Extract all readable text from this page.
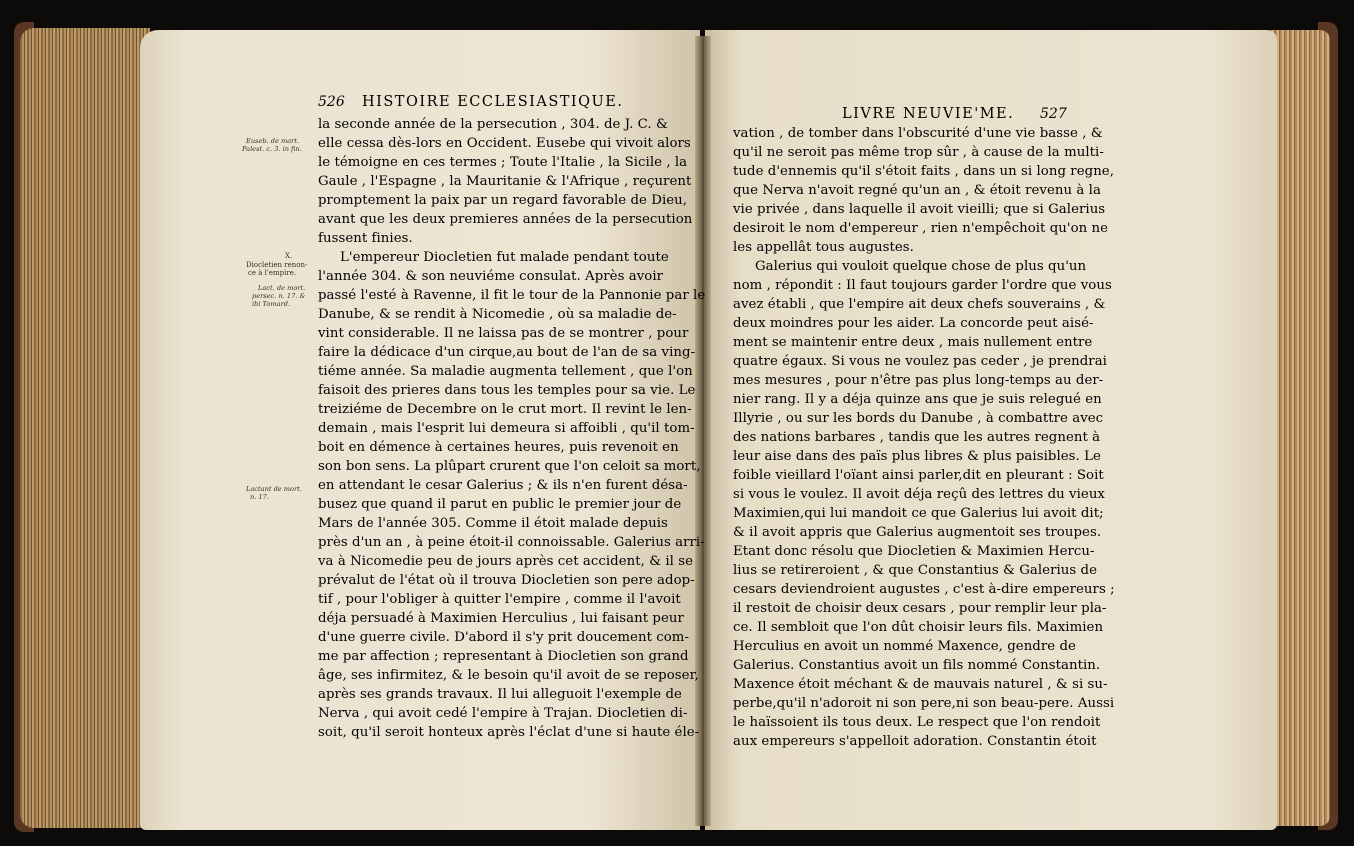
526 HISTOIRE ECCLESIASTIQUE.
LIVRE NEUVIE'ME. 527
Euseb. de mart.
Palest. c. 3. in fin.
X.
Diocletien renon-
ce à l'empire.
Lact. de mort.
persec. n. 17. &
ibi Tomard.
Lactant de mort.
n. 17.
la seconde année de la persecution , 304. de J. C. &
elle cessa dès-lors en Occident. Eusebe qui vivoit alors
le témoigne en ces termes ; Toute l'Italie , la Sicile , la
Gaule , l'Espagne , la Mauritanie & l'Afrique , reçurent
promptement la paix par un regard favorable de Dieu,
avant que les deux premieres années de la persecution
fussent finies.
L'empereur Diocletien fut malade pendant toute
l'année 304. & son neuviéme consulat. Après avoir
passé l'esté à Ravenne, il fit le tour de la Pannonie par le
Danube, & se rendit à Nicomedie , où sa maladie de-
vint considerable. Il ne laissa pas de se montrer , pour
faire la dédicace d'un cirque,au bout de l'an de sa ving-
tiéme année. Sa maladie augmenta tellement , que l'on
faisoit des prieres dans tous les temples pour sa vie. Le
treiziéme de Decembre on le crut mort. Il revint le len-
demain , mais l'esprit lui demeura si affoibli , qu'il tom-
boit en démence à certaines heures, puis revenoit en
son bon sens. La plûpart crurent que l'on celoit sa mort,
en attendant le cesar Galerius ; & ils n'en furent désa-
busez que quand il parut en public le premier jour de
Mars de l'année 305. Comme il étoit malade depuis
près d'un an , à peine étoit-il connoissable. Galerius arri-
va à Nicomedie peu de jours après cet accident, & il se
prévalut de l'état où il trouva Diocletien son pere adop-
tif , pour l'obliger à quitter l'empire , comme il l'avoit
déja persuadé à Maximien Herculius , lui faisant peur
d'une guerre civile. D'abord il s'y prit doucement com-
me par affection ; representant à Diocletien son grand
âge, ses infirmitez, & le besoin qu'il avoit de se reposer,
après ses grands travaux. Il lui alleguoit l'exemple de
Nerva , qui avoit cedé l'empire à Trajan. Diocletien di-
soit, qu'il seroit honteux après l'éclat d'une si haute éle-
vation , de tomber dans l'obscurité d'une vie basse , &
qu'il ne seroit pas même trop sûr , à cause de la multi-
tude d'ennemis qu'il s'étoit faits , dans un si long regne,
que Nerva n'avoit regné qu'un an , & étoit revenu à la
vie privée , dans laquelle il avoit vieilli; que si Galerius
desiroit le nom d'empereur , rien n'empêchoit qu'on ne
les appellât tous augustes.
Galerius qui vouloit quelque chose de plus qu'un
nom , répondit : Il faut toujours garder l'ordre que vous
avez établi , que l'empire ait deux chefs souverains , &
deux moindres pour les aider. La concorde peut aisé-
ment se maintenir entre deux , mais nullement entre
quatre égaux. Si vous ne voulez pas ceder , je prendrai
mes mesures , pour n'être pas plus long-temps au der-
nier rang. Il y a déja quinze ans que je suis relegué en
Illyrie , ou sur les bords du Danube , à combattre avec
des nations barbares , tandis que les autres regnent à
leur aise dans des païs plus libres & plus paisibles. Le
foible vieillard l'oïant ainsi parler,dit en pleurant : Soit
si vous le voulez. Il avoit déja reçû des lettres du vieux
Maximien,qui lui mandoit ce que Galerius lui avoit dit;
& il avoit appris que Galerius augmentoit ses troupes.
Etant donc résolu que Diocletien & Maximien Hercu-
lius se retireroient , & que Constantius & Galerius de
cesars deviendroient augustes , c'est à-dire empereurs ;
il restoit de choisir deux cesars , pour remplir leur pla-
ce. Il sembloit que l'on dût choisir leurs fils. Maximien
Herculius en avoit un nommé Maxence, gendre de
Galerius. Constantius avoit un fils nommé Constantin.
Maxence étoit méchant & de mauvais naturel , & si su-
perbe,qu'il n'adoroit ni son pere,ni son beau-pere. Aussi
le haïssoient ils tous deux. Le respect que l'on rendoit
aux empereurs s'appelloit adoration. Constantin étoit
